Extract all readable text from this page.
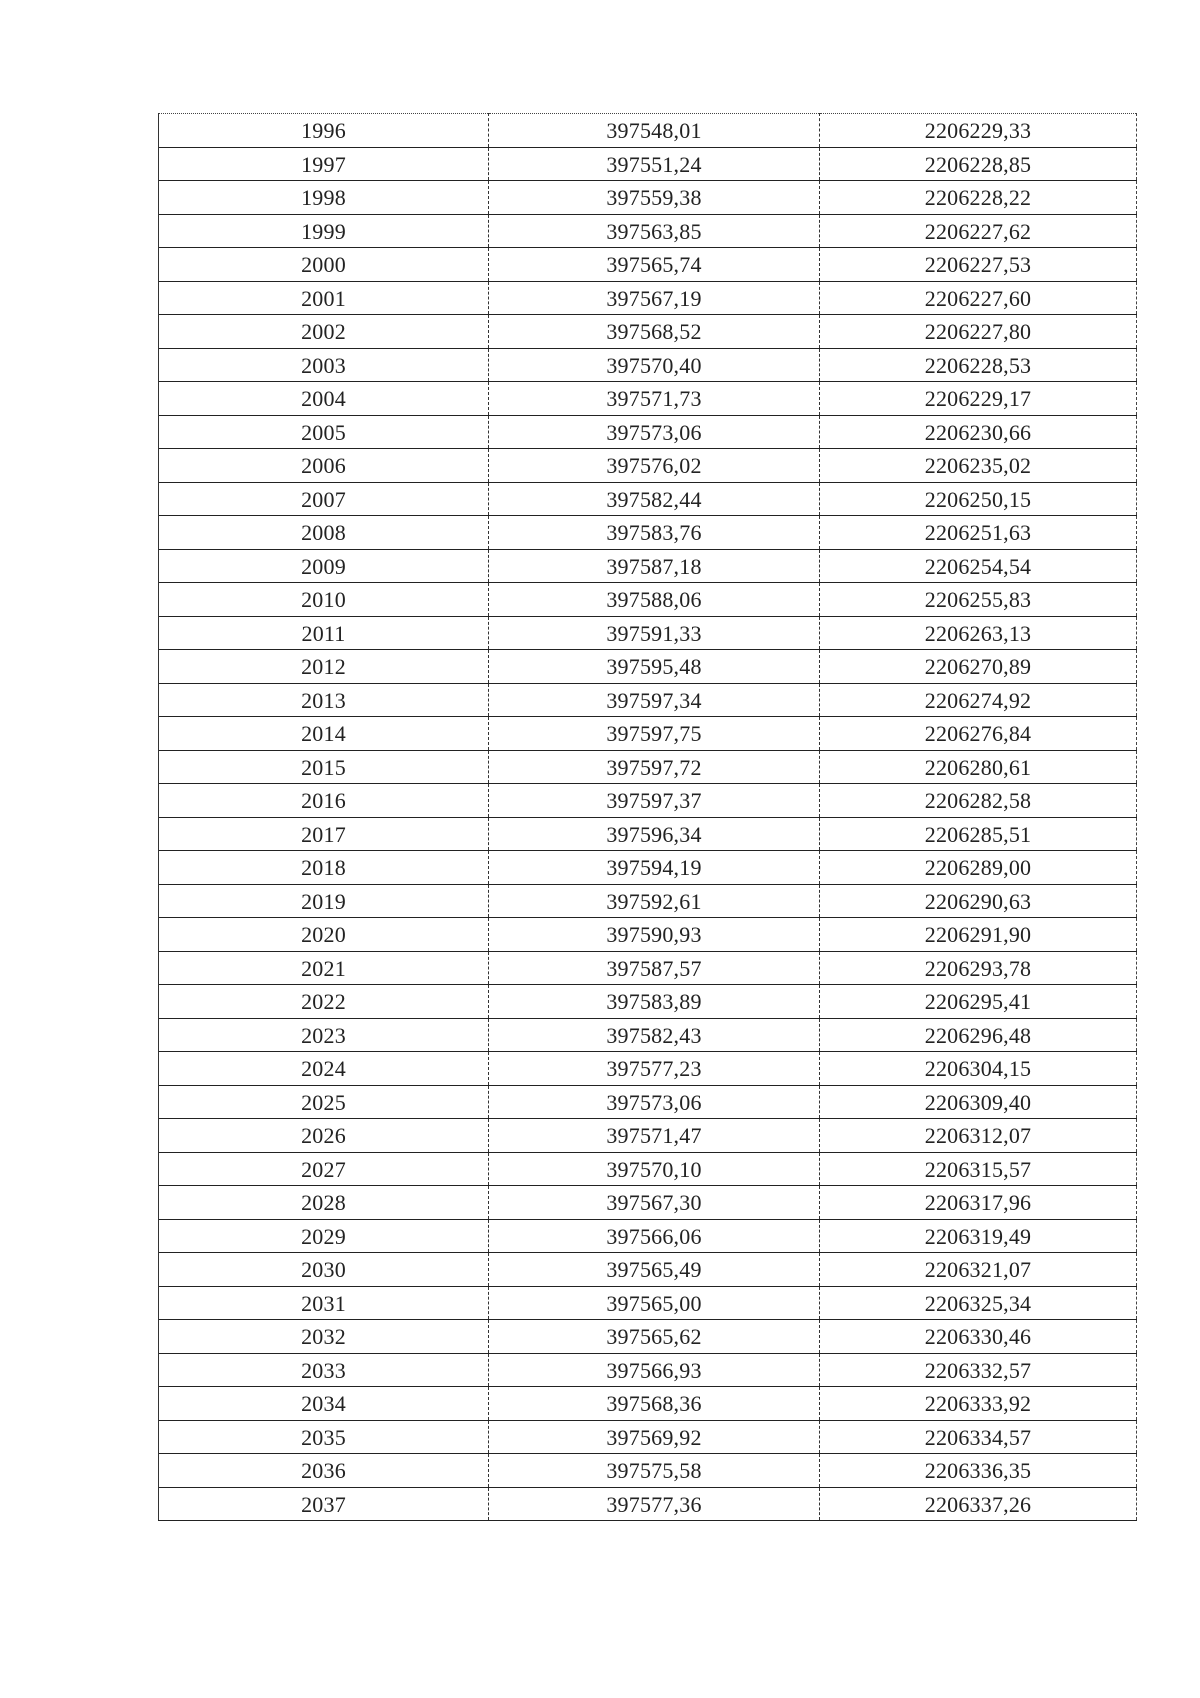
1996	397548,01	2206229,33
1997	397551,24	2206228,85
1998	397559,38	2206228,22
1999	397563,85	2206227,62
2000	397565,74	2206227,53
2001	397567,19	2206227,60
2002	397568,52	2206227,80
2003	397570,40	2206228,53
2004	397571,73	2206229,17
2005	397573,06	2206230,66
2006	397576,02	2206235,02
2007	397582,44	2206250,15
2008	397583,76	2206251,63
2009	397587,18	2206254,54
2010	397588,06	2206255,83
2011	397591,33	2206263,13
2012	397595,48	2206270,89
2013	397597,34	2206274,92
2014	397597,75	2206276,84
2015	397597,72	2206280,61
2016	397597,37	2206282,58
2017	397596,34	2206285,51
2018	397594,19	2206289,00
2019	397592,61	2206290,63
2020	397590,93	2206291,90
2021	397587,57	2206293,78
2022	397583,89	2206295,41
2023	397582,43	2206296,48
2024	397577,23	2206304,15
2025	397573,06	2206309,40
2026	397571,47	2206312,07
2027	397570,10	2206315,57
2028	397567,30	2206317,96
2029	397566,06	2206319,49
2030	397565,49	2206321,07
2031	397565,00	2206325,34
2032	397565,62	2206330,46
2033	397566,93	2206332,57
2034	397568,36	2206333,92
2035	397569,92	2206334,57
2036	397575,58	2206336,35
2037	397577,36	2206337,26
